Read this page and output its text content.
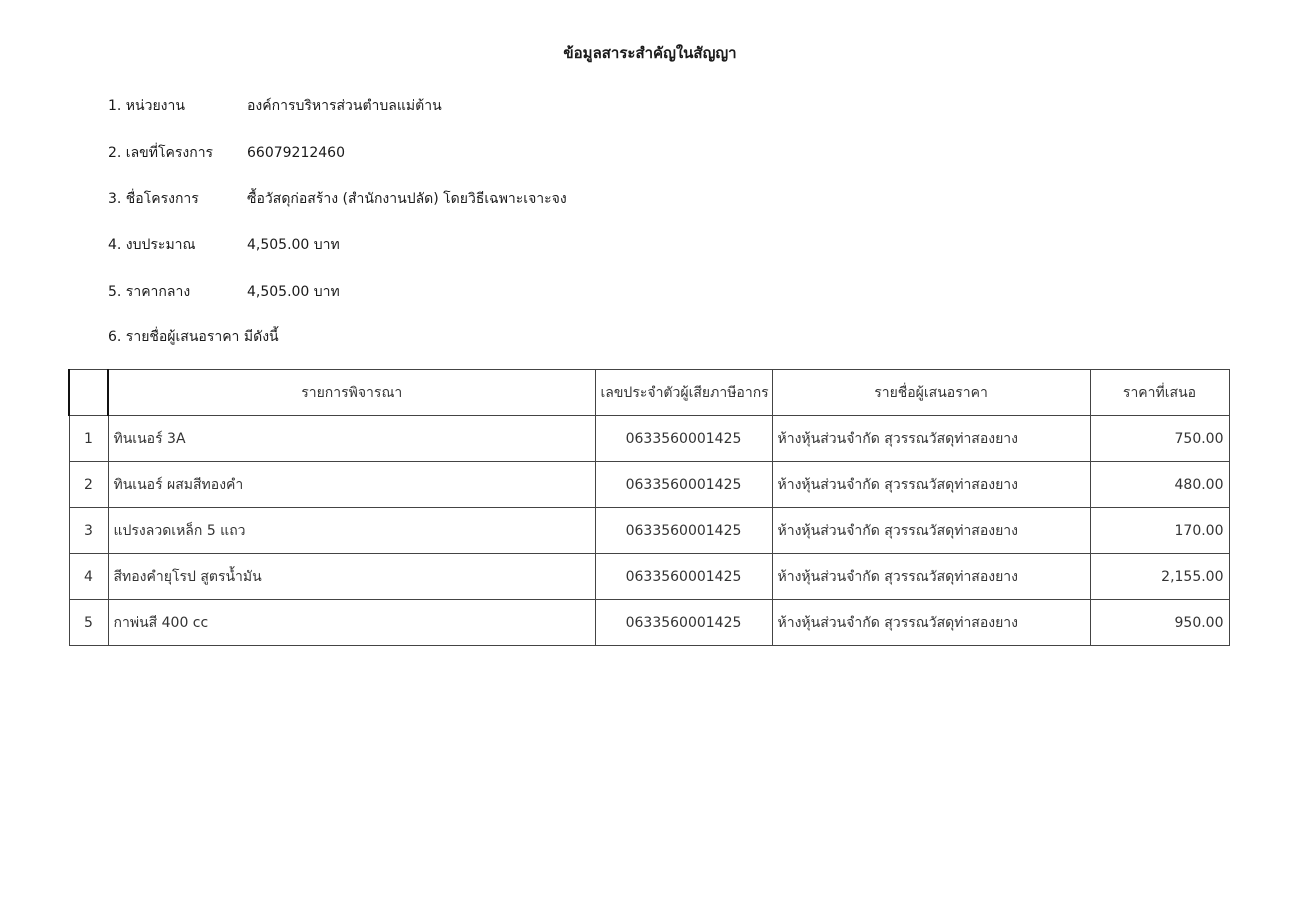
ข้อมูลสาระสำคัญในสัญญา
1. หน่วยงาน	องค์การบริหารส่วนตำบลแม่ต้าน
2. เลขที่โครงการ 66079212460
3. ชื่อโครงการ	ซื้อวัสดุก่อสร้าง (สำนักงานปลัด) โดยวิธีเฉพาะเจาะจง
4. งบประมาณ	4,505.00 บาท
5. ราคากลาง	4,505.00 บาท
6. รายชื่อผู้เสนอราคา มีดังนี้
	รายการพิจารณา	เลขประจำตัวผู้เสียภาษีอากร	รายชื่อผู้เสนอราคา	ราคาที่เสนอ
1	ทินเนอร์ 3A	0633560001425	ห้างหุ้นส่วนจำกัด สุวรรณวัสดุท่าสองยาง	750.00
2	ทินเนอร์ ผสมสีทองคำ	0633560001425	ห้างหุ้นส่วนจำกัด สุวรรณวัสดุท่าสองยาง	480.00
3	แปรงลวดเหล็ก 5 แถว	0633560001425	ห้างหุ้นส่วนจำกัด สุวรรณวัสดุท่าสองยาง	170.00
4	สีทองคำยุโรป สูตรน้ำมัน	0633560001425	ห้างหุ้นส่วนจำกัด สุวรรณวัสดุท่าสองยาง	2,155.00
5	กาพ่นสี 400 cc	0633560001425	ห้างหุ้นส่วนจำกัด สุวรรณวัสดุท่าสองยาง	950.00
